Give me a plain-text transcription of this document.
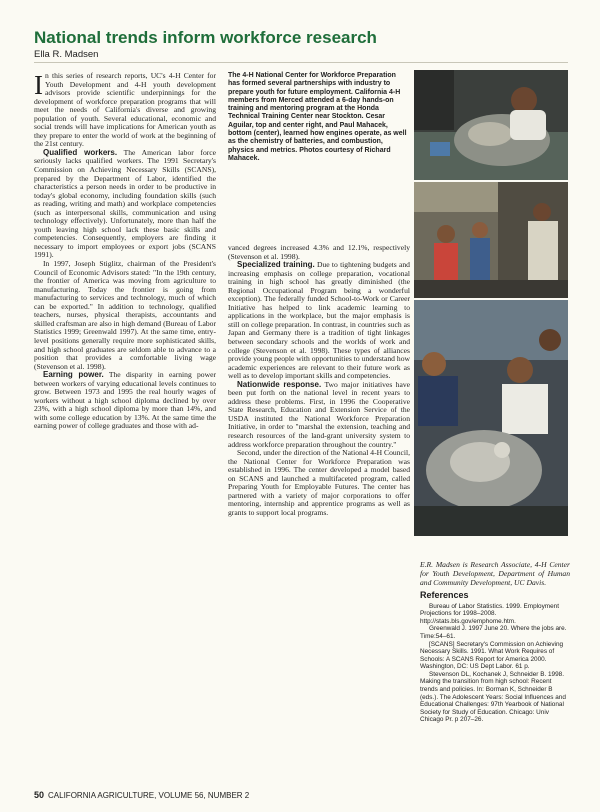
National trends inform workforce research

Ella R. Madsen

In this series of research reports, UC's 4-H Center for Youth Development and 4-H youth development advisors provide scientific underpinnings for the development of workforce preparation programs that will meet the needs of California's diverse and growing population of youth. Several educational, economic and social trends will have implications for American youth as they prepare to enter the world of work at the beginning of the 21st century.

Qualified workers. The American labor force seriously lacks qualified workers. The 1991 Secretary's Commission on Achieving Necessary Skills (SCANS), prepared by the Department of Labor, identified the characteristics a person needs in order to be productive in today's global economy, including foundation skills (such as reading, writing and math) and workplace competencies (such as interpersonal skills, communication and using technology effectively). Unfortunately, more than half the youth leaving high school lack these basic skills and competencies. Consequently, employers are finding it necessary to import employees or export jobs (SCANS 1991).

In 1997, Joseph Stiglitz, chairman of the President's Council of Economic Advisors stated: "In the 19th century, the frontier of America was moving from agriculture to manufacturing. Today the frontier is going from manufacturing to services and technology, much of which can be exported." In addition to technology, qualified teachers, nurses, physical therapists, accountants and skilled craftsman are also in high demand (Bureau of Labor Statistics 1999; Greenwald 1997). At the same time, entry-level positions generally require more sophisticated skills, and high school graduates are seldom able to advance to a position that provides a comfortable living wage (Stevenson et al. 1998).

Earning power. The disparity in earning power between workers of varying educational levels continues to grow. Between 1973 and 1995 the real hourly wages of workers without a high school diploma declined by over 23%, with a high school diploma by more than 14%, and with some college education by 13%. At the same time the earning power of college graduates and those with ad-

The 4-H National Center for Workforce Preparation has formed several partnerships with industry to prepare youth for future employment. California 4-H members from Merced attended a 6-day hands-on training and mentoring program at the Honda Technical Training Center near Stockton. Cesar Aguilar, top and center right, and Paul Mahacek, bottom (center), learned how engines operate, as well as the chemistry of batteries, and combustion, physics and metrics. Photos courtesy of Richard Mahacek.

vanced degrees increased 4.3% and 12.1%, respectively (Stevenson et al. 1998).

Specialized training. Due to tightening budgets and increasing emphasis on college preparation, vocational training in high school has greatly diminished (the Regional Occupational Program being a wonderful exception). The federally funded School-to-Work or Career Initiative has helped to link academic learning to applications in the workplace, but the major emphasis is still on college preparation. In contrast, in countries such as Japan and Germany there is a tradition of tight linkages between secondary schools and the worlds of work and college (Stevenson et al. 1998). These types of alliances provide young people with opportunities to understand how academic experiences are relevant to their future work as well as to develop important skills and competencies.

Nationwide response. Two major initiatives have been put forth on the national level in recent years to address these problems. First, in 1996 the Cooperative State Research, Education and Extension Service of the USDA instituted the National Workforce Preparation Initiative, in order to "marshal the extension, teaching and research resources of the land-grant university system to address workforce preparation throughout the country."

Second, under the direction of the National 4-H Council, the National Center for Workforce Preparation was established in 1996. The center developed a model based on SCANS and launched a multifaceted program, called Preparing Youth for Employable Futures. The center has partnered with a variety of major corporations to offer mentoring, internship and apprentice programs as well as grants to support local programs.

E.R. Madsen is Research Associate, 4-H Center for Youth Development, Department of Human and Community Development, UC Davis.

References

Bureau of Labor Statistics. 1999. Employment Projections for 1998–2008. http://stats.bls.gov/emphome.htm.

Greenwald J. 1997 June 20. Where the jobs are. Time:54–61.

[SCANS] Secretary's Commission on Achieving Necessary Skills. 1991. What Work Requires of Schools: A SCANS Report for America 2000. Washington, DC: US Dept Labor. 61 p.

Stevenson DL, Kochanek J, Schneider B. 1998. Making the transition from high school: Recent trends and policies. In: Borman K, Schneider B (eds.). The Adolescent Years: Social Influences and Educational Challenges: 97th Yearbook of National Society for Study of Education. Chicago: Univ Chicago Pr. p 207–26.

50 CALIFORNIA AGRICULTURE, VOLUME 56, NUMBER 2
